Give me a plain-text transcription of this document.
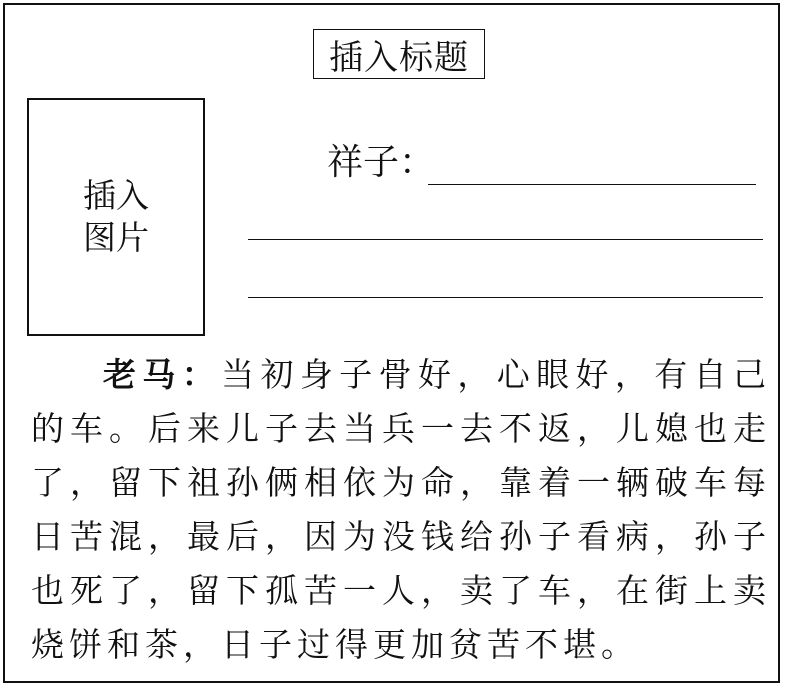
插入标题
插入图片
祥子：

老马：当初身子骨好，心眼好，有自己的车。后来儿子去当兵一去不返，儿媳也走了，留下祖孙俩相依为命，靠着一辆破车每日苦混，最后，因为没钱给孙子看病，孙子也死了，留下孤苦一人，卖了车，在街上卖烧饼和茶，日子过得更加贫苦不堪。
